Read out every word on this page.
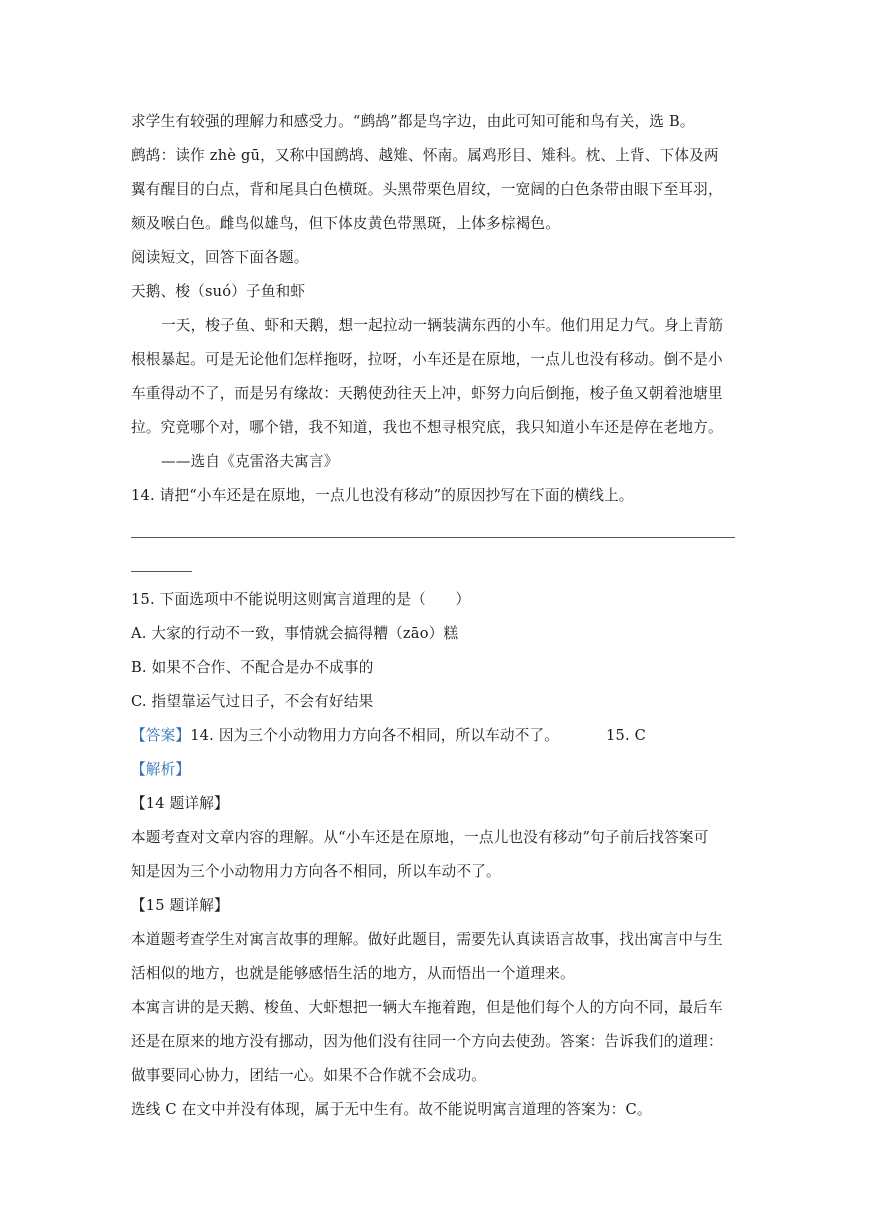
求学生有较强的理解力和感受力。“鹧鸪”都是鸟字边，由此可知可能和鸟有关，选 B。
鹧鸪：读作 zhè gū，又称中国鹧鸪、越雉、怀南。属鸡形目、雉科。枕、上背、下体及两
翼有醒目的白点，背和尾具白色横斑。头黑带栗色眉纹，一宽阔的白色条带由眼下至耳羽，
颏及喉白色。雌鸟似雄鸟，但下体皮黄色带黑斑，上体多棕褐色。
阅读短文，回答下面各题。
天鹅、梭（suó）子鱼和虾
一天，梭子鱼、虾和天鹅，想一起拉动一辆装满东西的小车。他们用足力气。身上青筋
根根暴起。可是无论他们怎样拖呀，拉呀，小车还是在原地，一点儿也没有移动。倒不是小
车重得动不了，而是另有缘故：天鹅使劲往天上冲，虾努力向后倒拖，梭子鱼又朝着池塘里
拉。究竟哪个对，哪个错，我不知道，我也不想寻根究底，我只知道小车还是停在老地方。
——选自《克雷洛夫寓言》
14. 请把“小车还是在原地，一点儿也没有移动”的原因抄写在下面的横线上。
15. 下面选项中不能说明这则寓言道理的是（　　）
A. 大家的行动不一致，事情就会搞得糟（zāo）糕
B. 如果不合作、不配合是办不成事的
C. 指望靠运气过日子，不会有好结果
【答案】14. 因为三个小动物用力方向各不相同，所以车动不了。	15. C
【解析】
【14 题详解】
本题考查对文章内容的理解。从“小车还是在原地，一点儿也没有移动”句子前后找答案可
知是因为三个小动物用力方向各不相同，所以车动不了。
【15 题详解】
本道题考查学生对寓言故事的理解。做好此题目，需要先认真读语言故事，找出寓言中与生
活相似的地方，也就是能够感悟生活的地方，从而悟出一个道理来。
本寓言讲的是天鹅、梭鱼、大虾想把一辆大车拖着跑，但是他们每个人的方向不同，最后车
还是在原来的地方没有挪动，因为他们没有往同一个方向去使劲。答案：告诉我们的道理：
做事要同心协力，团结一心。如果不合作就不会成功。
选线 C 在文中并没有体现，属于无中生有。故不能说明寓言道理的答案为：C。
